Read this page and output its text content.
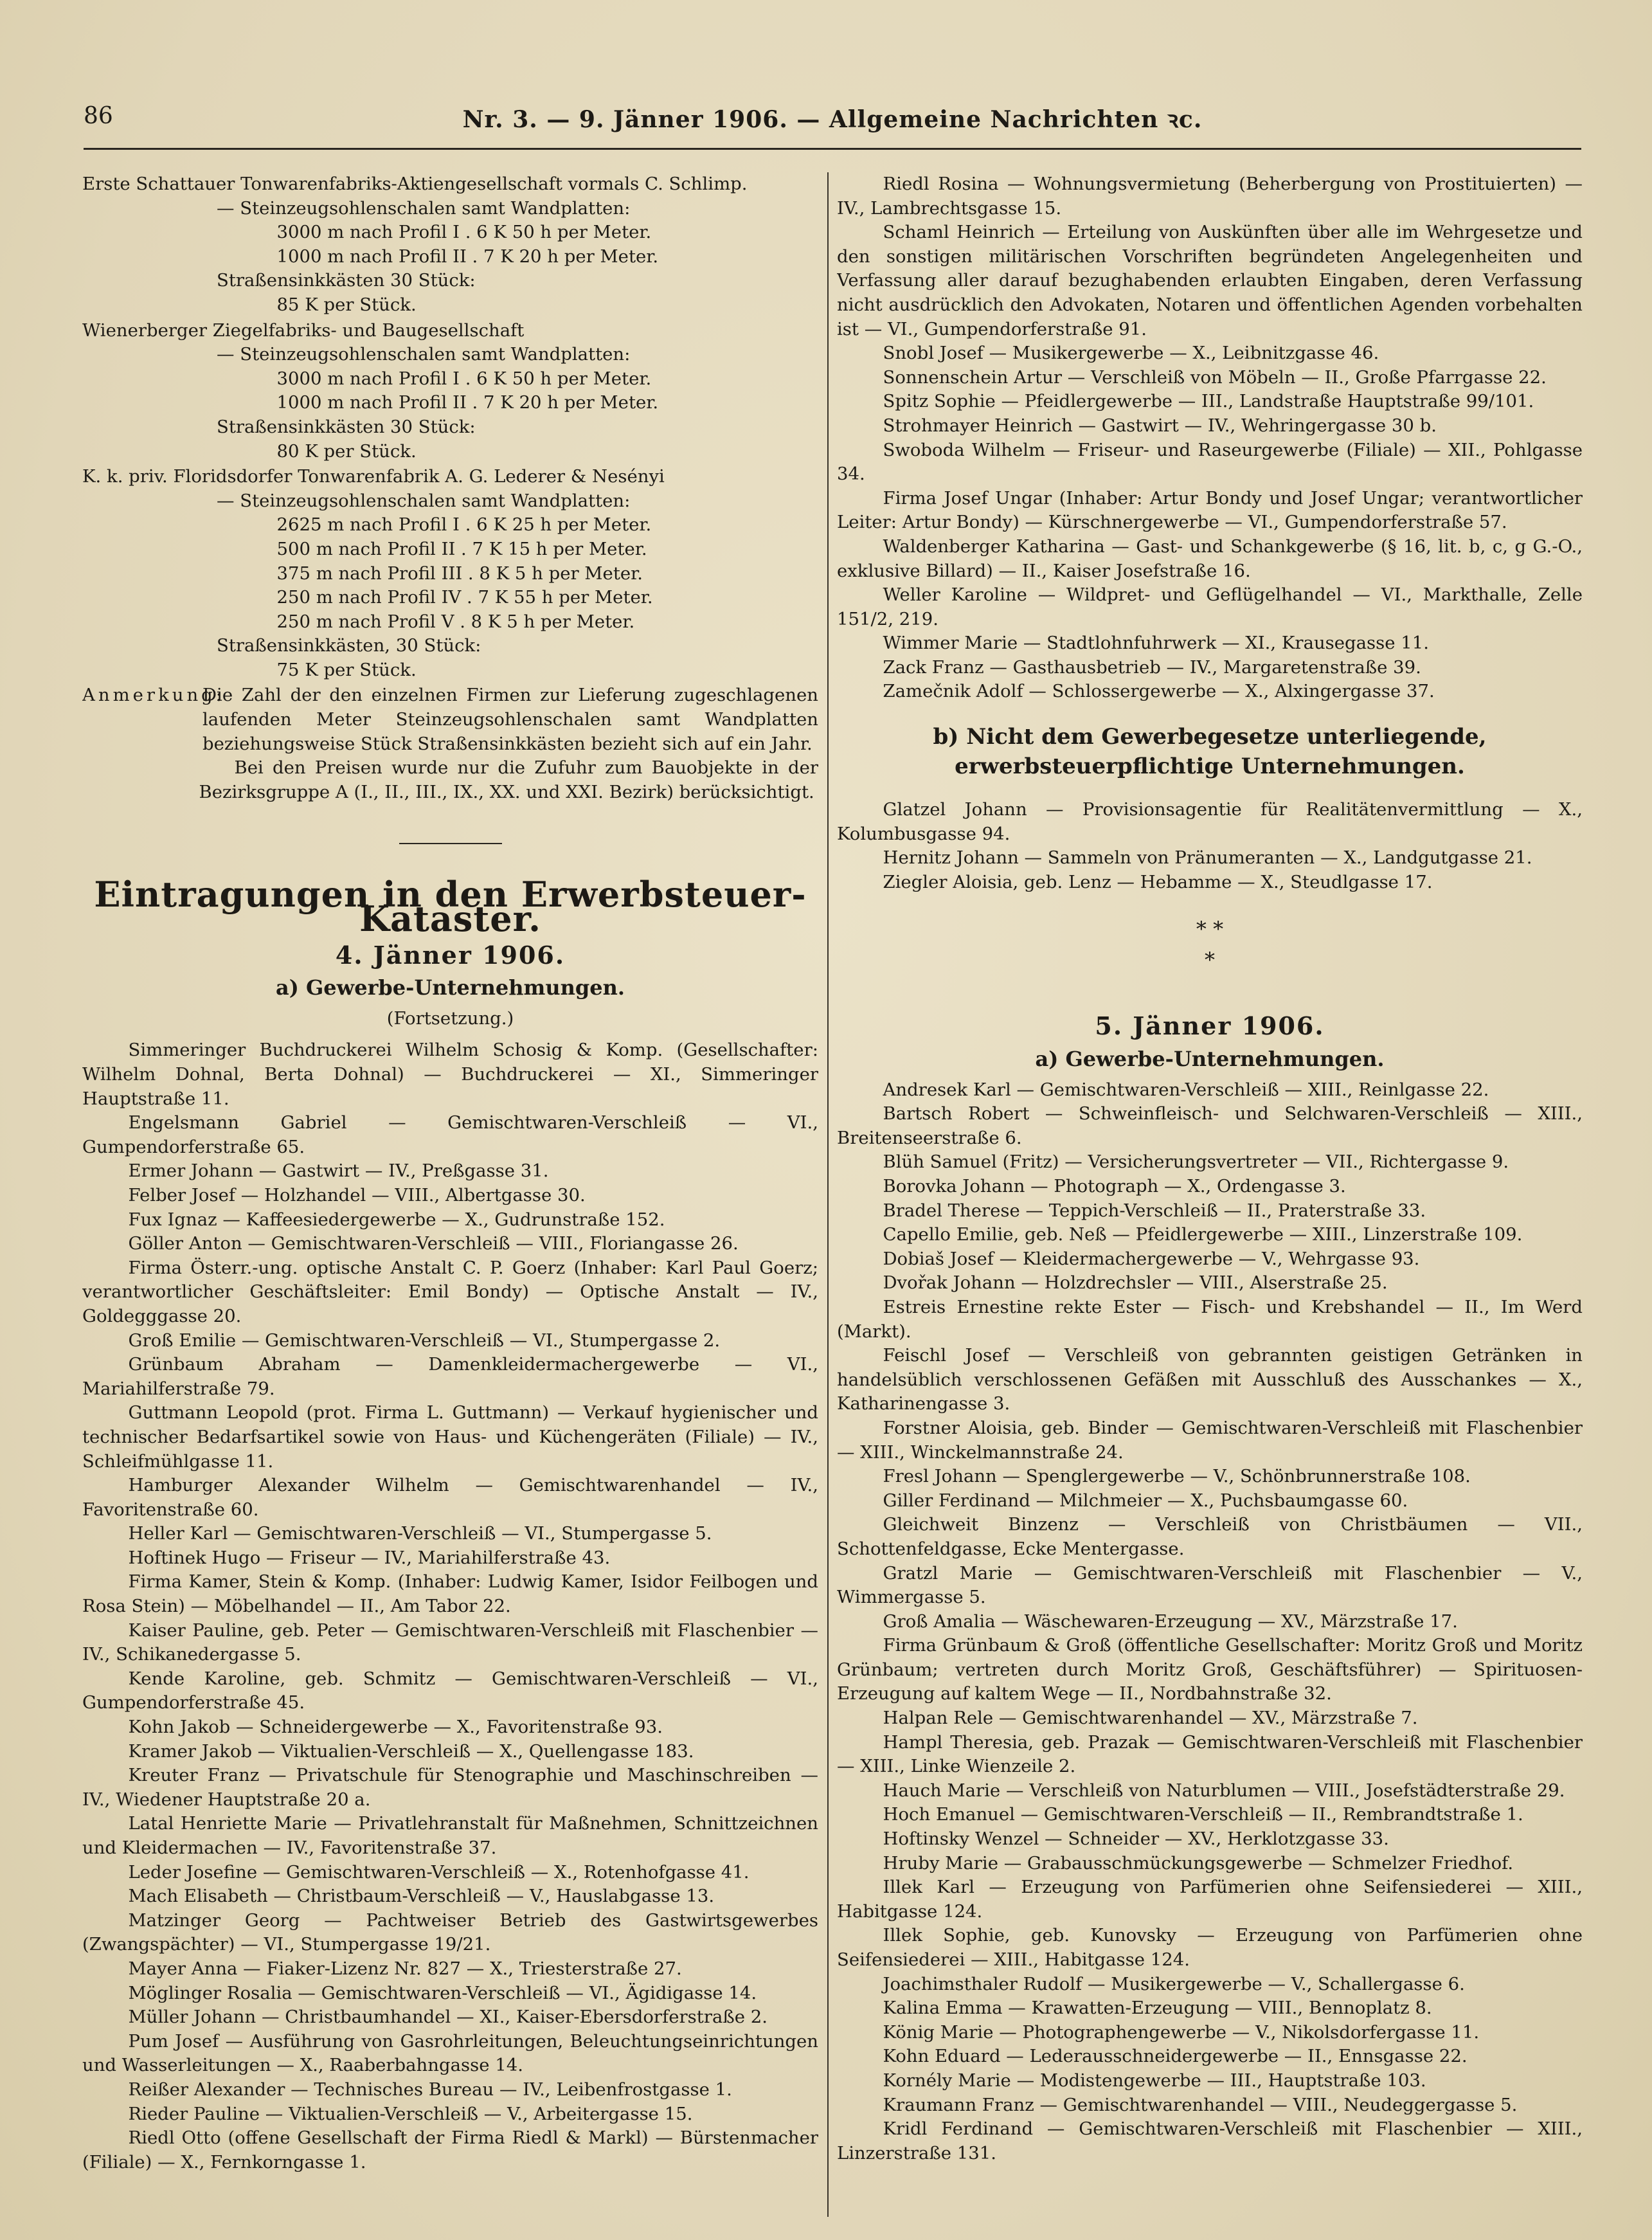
86	Nr. 3. — 9. Jänner 1906. — Allgemeine Nachrichten ꝛc.

Erste Schattauer Tonwarenfabriks-Aktiengesellschaft vormals C. Schlimp.

— Steinzeugsohlenschalen samt Wandplatten:

3000 m nach Profil I . 6 K 50 h per Meter.

1000 m nach Profil II . 7 K 20 h per Meter.

Straßensinkkästen 30 Stück:

85 K per Stück.

Wienerberger Ziegelfabriks- und Baugesellschaft

— Steinzeugsohlenschalen samt Wandplatten:

3000 m nach Profil I . 6 K 50 h per Meter.

1000 m nach Profil II . 7 K 20 h per Meter.

Straßensinkkästen 30 Stück:

80 K per Stück.

K. k. priv. Floridsdorfer Tonwarenfabrik A. G. Lederer & Nesényi

— Steinzeugsohlenschalen samt Wandplatten:

2625 m nach Profil I . 6 K 25 h per Meter.

500 m nach Profil II . 7 K 15 h per Meter.

375 m nach Profil III . 8 K 5 h per Meter.

250 m nach Profil IV . 7 K 55 h per Meter.

250 m nach Profil V . 8 K 5 h per Meter.

Straßensinkkästen, 30 Stück:

75 K per Stück.

Anmerkung:
Die Zahl der den einzelnen Firmen zur Lieferung zugeschlagenen laufenden Meter Steinzeugsohlenschalen samt Wandplatten beziehungsweise Stück Straßensinkkästen bezieht sich auf ein Jahr.

Bei den Preisen wurde nur die Zufuhr zum Bauobjekte in der Bezirksgruppe A (I., II., III., IX., XX. und XXI. Bezirk) berücksichtigt.

Eintragungen in den Erwerbsteuer-Kataster.
4. Jänner 1906.
a) Gewerbe-Unternehmungen.
(Fortsetzung.)

Simmeringer Buchdruckerei Wilhelm Schosig & Komp. (Gesellschafter: Wilhelm Dohnal, Berta Dohnal) — Buchdruckerei — XI., Simmeringer Hauptstraße 11.

Engelsmann Gabriel — Gemischtwaren-Verschleiß — VI., Gumpendorferstraße 65.

Ermer Johann — Gastwirt — IV., Preßgasse 31.

Felber Josef — Holzhandel — VIII., Albertgasse 30.

Fux Ignaz — Kaffeesiedergewerbe — X., Gudrunstraße 152.

Göller Anton — Gemischtwaren-Verschleiß — VIII., Floriangasse 26.

Firma Österr.-ung. optische Anstalt C. P. Goerz (Inhaber: Karl Paul Goerz; verantwortlicher Geschäftsleiter: Emil Bondy) — Optische Anstalt — IV., Goldegggasse 20.

Groß Emilie — Gemischtwaren-Verschleiß — VI., Stumpergasse 2.

Grünbaum Abraham — Damenkleidermachergewerbe — VI., Mariahilferstraße 79.

Guttmann Leopold (prot. Firma L. Guttmann) — Verkauf hygienischer und technischer Bedarfsartikel sowie von Haus- und Küchengeräten (Filiale) — IV., Schleifmühlgasse 11.

Hamburger Alexander Wilhelm — Gemischtwarenhandel — IV., Favoritenstraße 60.

Heller Karl — Gemischtwaren-Verschleiß — VI., Stumpergasse 5.

Hoftinek Hugo — Friseur — IV., Mariahilferstraße 43.

Firma Kamer, Stein & Komp. (Inhaber: Ludwig Kamer, Isidor Feilbogen und Rosa Stein) — Möbelhandel — II., Am Tabor 22.

Kaiser Pauline, geb. Peter — Gemischtwaren-Verschleiß mit Flaschenbier — IV., Schikanedergasse 5.

Kende Karoline, geb. Schmitz — Gemischtwaren-Verschleiß — VI., Gumpendorferstraße 45.

Kohn Jakob — Schneidergewerbe — X., Favoritenstraße 93.

Kramer Jakob — Viktualien-Verschleiß — X., Quellengasse 183.

Kreuter Franz — Privatschule für Stenographie und Maschinschreiben — IV., Wiedener Hauptstraße 20 a.

Latal Henriette Marie — Privatlehranstalt für Maßnehmen, Schnittzeichnen und Kleidermachen — IV., Favoritenstraße 37.

Leder Josefine — Gemischtwaren-Verschleiß — X., Rotenhofgasse 41.

Mach Elisabeth — Christbaum-Verschleiß — V., Hauslabgasse 13.

Matzinger Georg — Pachtweiser Betrieb des Gastwirtsgewerbes (Zwangspächter) — VI., Stumpergasse 19/21.

Mayer Anna — Fiaker-Lizenz Nr. 827 — X., Triesterstraße 27.

Möglinger Rosalia — Gemischtwaren-Verschleiß — VI., Ägidigasse 14.

Müller Johann — Christbaumhandel — XI., Kaiser-Ebersdorferstraße 2.

Pum Josef — Ausführung von Gasrohrleitungen, Beleuchtungseinrichtungen und Wasserleitungen — X., Raaberbahngasse 14.

Reißer Alexander — Technisches Bureau — IV., Leibenfrostgasse 1.

Rieder Pauline — Viktualien-Verschleiß — V., Arbeitergasse 15.

Riedl Otto (offene Gesellschaft der Firma Riedl & Markl) — Bürstenmacher (Filiale) — X., Fernkorngasse 1.

Riedl Rosina — Wohnungsvermietung (Beherbergung von Prostituierten) — IV., Lambrechtsgasse 15.

Schaml Heinrich — Erteilung von Auskünften über alle im Wehrgesetze und den sonstigen militärischen Vorschriften begründeten Angelegenheiten und Verfassung aller darauf bezughabenden erlaubten Eingaben, deren Verfassung nicht ausdrücklich den Advokaten, Notaren und öffentlichen Agenden vorbehalten ist — VI., Gumpendorferstraße 91.

Snobl Josef — Musikergewerbe — X., Leibnitzgasse 46.

Sonnenschein Artur — Verschleiß von Möbeln — II., Große Pfarrgasse 22.

Spitz Sophie — Pfeidlergewerbe — III., Landstraße Hauptstraße 99/101.

Strohmayer Heinrich — Gastwirt — IV., Wehringergasse 30 b.

Swoboda Wilhelm — Friseur- und Raseurgewerbe (Filiale) — XII., Pohlgasse 34.

Firma Josef Ungar (Inhaber: Artur Bondy und Josef Ungar; verantwortlicher Leiter: Artur Bondy) — Kürschnergewerbe — VI., Gumpendorferstraße 57.

Waldenberger Katharina — Gast- und Schankgewerbe (§ 16, lit. b, c, g G.-O., exklusive Billard) — II., Kaiser Josefstraße 16.

Weller Karoline — Wildpret- und Geflügelhandel — VI., Markthalle, Zelle 151/2, 219.

Wimmer Marie — Stadtlohnfuhrwerk — XI., Krausegasse 11.

Zack Franz — Gasthausbetrieb — IV., Margaretenstraße 39.

Zamečnik Adolf — Schlossergewerbe — X., Alxingergasse 37.

b) Nicht dem Gewerbegesetze unterliegende, erwerbsteuerpflichtige Unternehmungen.

Glatzel Johann — Provisionsagentie für Realitätenvermittlung — X., Kolumbusgasse 94.

Hernitz Johann — Sammeln von Pränumeranten — X., Landgutgasse 21.

Ziegler Aloisia, geb. Lenz — Hebamme — X., Steudlgasse 17.

* *
*
5. Jänner 1906.
a) Gewerbe-Unternehmungen.

Andresek Karl — Gemischtwaren-Verschleiß — XIII., Reinlgasse 22.

Bartsch Robert — Schweinfleisch- und Selchwaren-Verschleiß — XIII., Breitenseerstraße 6.

Blüh Samuel (Fritz) — Versicherungsvertreter — VII., Richtergasse 9.

Borovka Johann — Photograph — X., Ordengasse 3.

Bradel Therese — Teppich-Verschleiß — II., Praterstraße 33.

Capello Emilie, geb. Neß — Pfeidlergewerbe — XIII., Linzerstraße 109.

Dobiaš Josef — Kleidermachergewerbe — V., Wehrgasse 93.

Dvořak Johann — Holzdrechsler — VIII., Alserstraße 25.

Estreis Ernestine rekte Ester — Fisch- und Krebshandel — II., Im Werd (Markt).

Feischl Josef — Verschleiß von gebrannten geistigen Getränken in handelsüblich verschlossenen Gefäßen mit Ausschluß des Ausschankes — X., Katharinengasse 3.

Forstner Aloisia, geb. Binder — Gemischtwaren-Verschleiß mit Flaschenbier — XIII., Winckelmannstraße 24.

Fresl Johann — Spenglergewerbe — V., Schönbrunnerstraße 108.

Giller Ferdinand — Milchmeier — X., Puchsbaumgasse 60.

Gleichweit Binzenz — Verschleiß von Christbäumen — VII., Schottenfeldgasse, Ecke Mentergasse.

Gratzl Marie — Gemischtwaren-Verschleiß mit Flaschenbier — V., Wimmergasse 5.

Groß Amalia — Wäschewaren-Erzeugung — XV., Märzstraße 17.

Firma Grünbaum & Groß (öffentliche Gesellschafter: Moritz Groß und Moritz Grünbaum; vertreten durch Moritz Groß, Geschäftsführer) — Spirituosen-Erzeugung auf kaltem Wege — II., Nordbahnstraße 32.

Halpan Rele — Gemischtwarenhandel — XV., Märzstraße 7.

Hampl Theresia, geb. Prazak — Gemischtwaren-Verschleiß mit Flaschenbier — XIII., Linke Wienzeile 2.

Hauch Marie — Verschleiß von Naturblumen — VIII., Josefstädterstraße 29.

Hoch Emanuel — Gemischtwaren-Verschleiß — II., Rembrandtstraße 1.

Hoftinsky Wenzel — Schneider — XV., Herklotzgasse 33.

Hruby Marie — Grabausschmückungsgewerbe — Schmelzer Friedhof.

Illek Karl — Erzeugung von Parfümerien ohne Seifensiederei — XIII., Habitgasse 124.

Illek Sophie, geb. Kunovsky — Erzeugung von Parfümerien ohne Seifensiederei — XIII., Habitgasse 124.

Joachimsthaler Rudolf — Musikergewerbe — V., Schallergasse 6.

Kalina Emma — Krawatten-Erzeugung — VIII., Bennoplatz 8.

König Marie — Photographengewerbe — V., Nikolsdorfergasse 11.

Kohn Eduard — Lederausschneidergewerbe — II., Ennsgasse 22.

Kornély Marie — Modistengewerbe — III., Hauptstraße 103.

Kraumann Franz — Gemischtwarenhandel — VIII., Neudeggergasse 5.

Kridl Ferdinand — Gemischtwaren-Verschleiß mit Flaschenbier — XIII., Linzerstraße 131.
